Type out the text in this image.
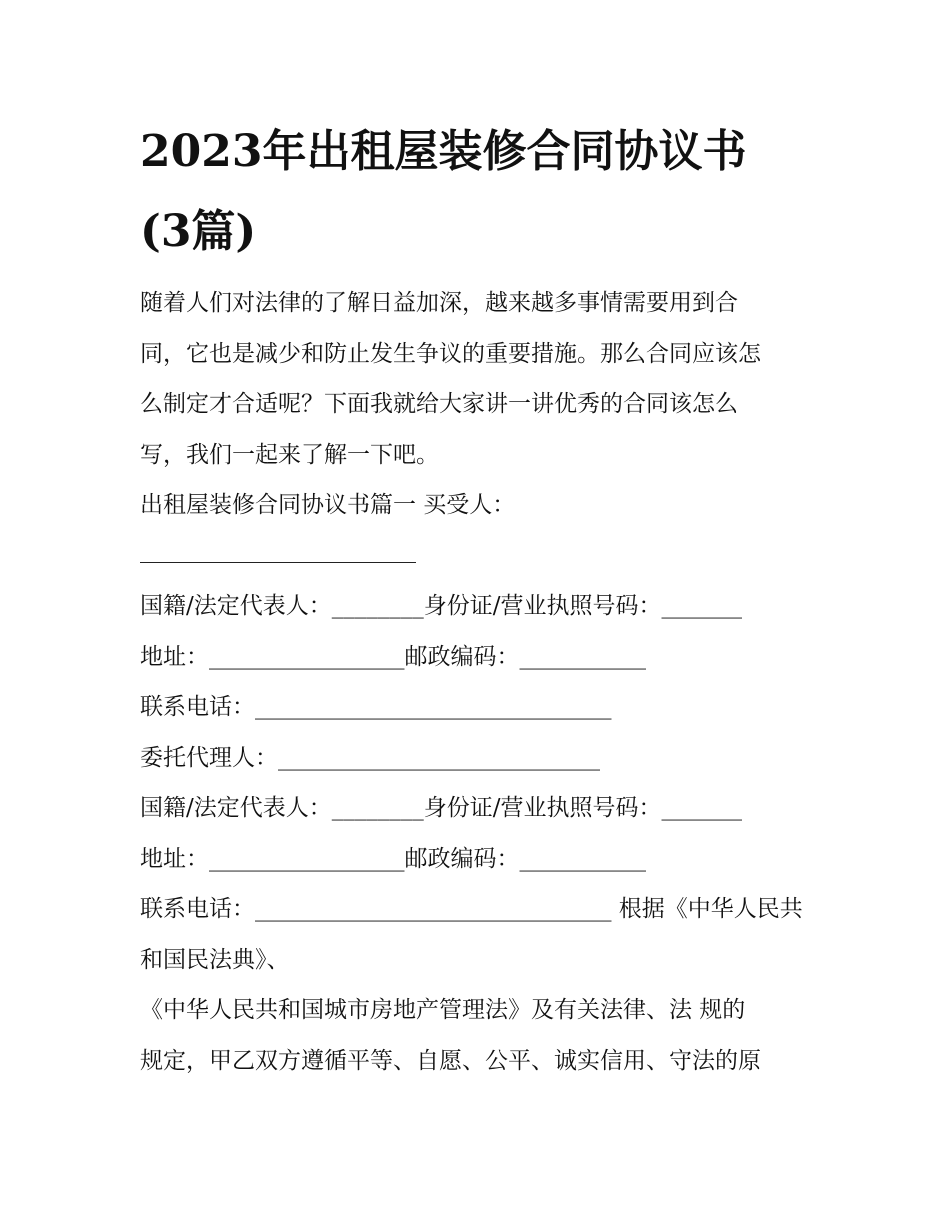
2023年出租屋装修合同协议书
(3篇)
随着人们对法律的了解日益加深，越来越多事情需要用到合
同，它也是减少和防止发生争议的重要措施。那么合同应该怎
么制定才合适呢？下面我就给大家讲一讲优秀的合同该怎么
写，我们一起来了解一下吧。
出租屋装修合同协议书篇一 买受人：
国籍/法定代表人：________身份证/营业执照号码：_______
地址：_________________邮政编码：___________
联系电话：_______________________________
委托代理人：____________________________
国籍/法定代表人：________身份证/营业执照号码：_______
地址：_________________邮政编码：___________
联系电话：_______________________________ 根据《中华人民共
和国民法典》、
《中华人民共和国城市房地产管理法》及有关法律、法 规的
规定，甲乙双方遵循平等、自愿、公平、诚实信用、守法的原
